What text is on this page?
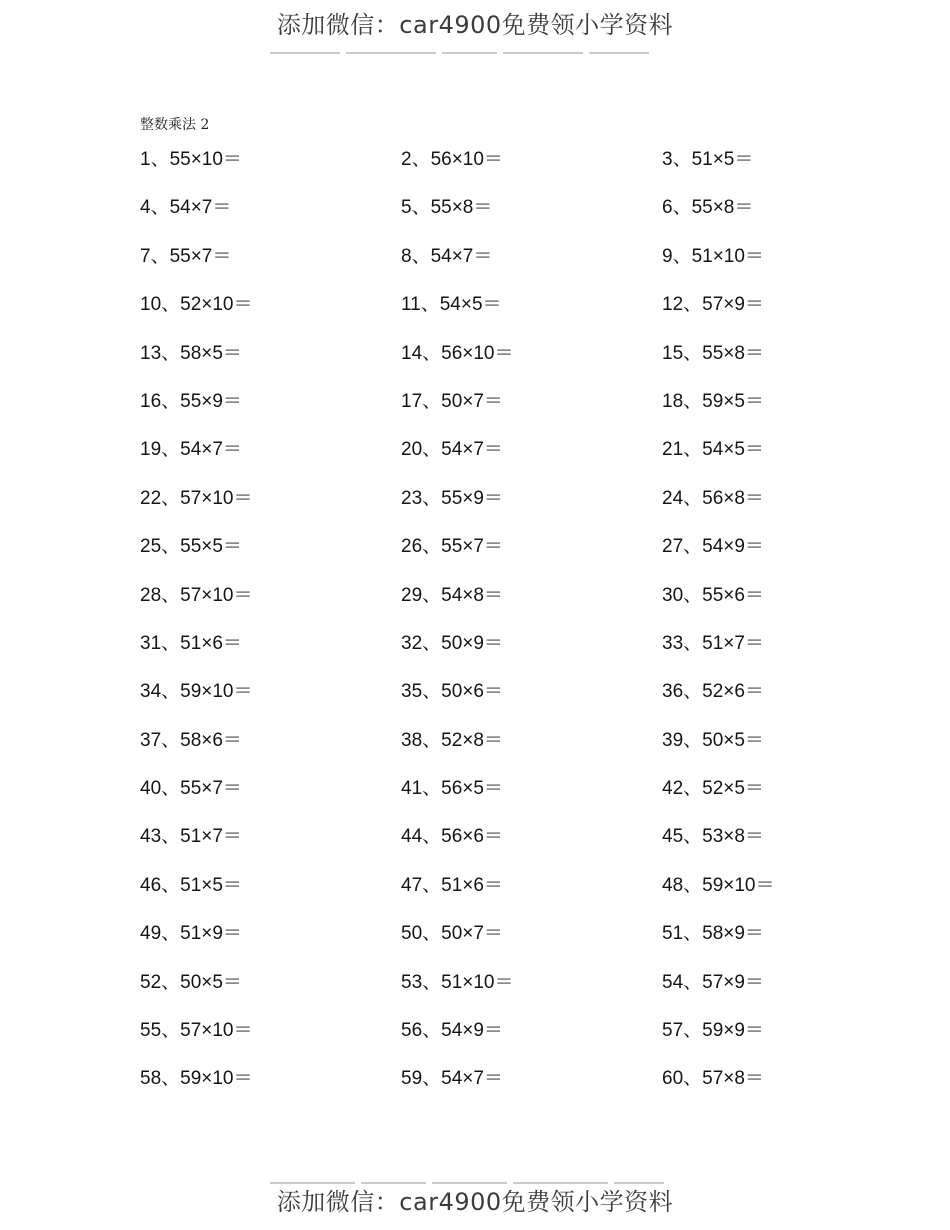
添加微信：car4900免费领小学资料
整数乘法 2
1、55×10＝	2、56×10＝	3、51×5＝
4、54×7＝	5、55×8＝	6、55×8＝
7、55×7＝	8、54×7＝	9、51×10＝
10、52×10＝	11、54×5＝	12、57×9＝
13、58×5＝	14、56×10＝	15、55×8＝
16、55×9＝	17、50×7＝	18、59×5＝
19、54×7＝	20、54×7＝	21、54×5＝
22、57×10＝	23、55×9＝	24、56×8＝
25、55×5＝	26、55×7＝	27、54×9＝
28、57×10＝	29、54×8＝	30、55×6＝
31、51×6＝	32、50×9＝	33、51×7＝
34、59×10＝	35、50×6＝	36、52×6＝
37、58×6＝	38、52×8＝	39、50×5＝
40、55×7＝	41、56×5＝	42、52×5＝
43、51×7＝	44、56×6＝	45、53×8＝
46、51×5＝	47、51×6＝	48、59×10＝
49、51×9＝	50、50×7＝	51、58×9＝
52、50×5＝	53、51×10＝	54、57×9＝
55、57×10＝	56、54×9＝	57、59×9＝
58、59×10＝	59、54×7＝	60、57×8＝
添加微信：car4900免费领小学资料
